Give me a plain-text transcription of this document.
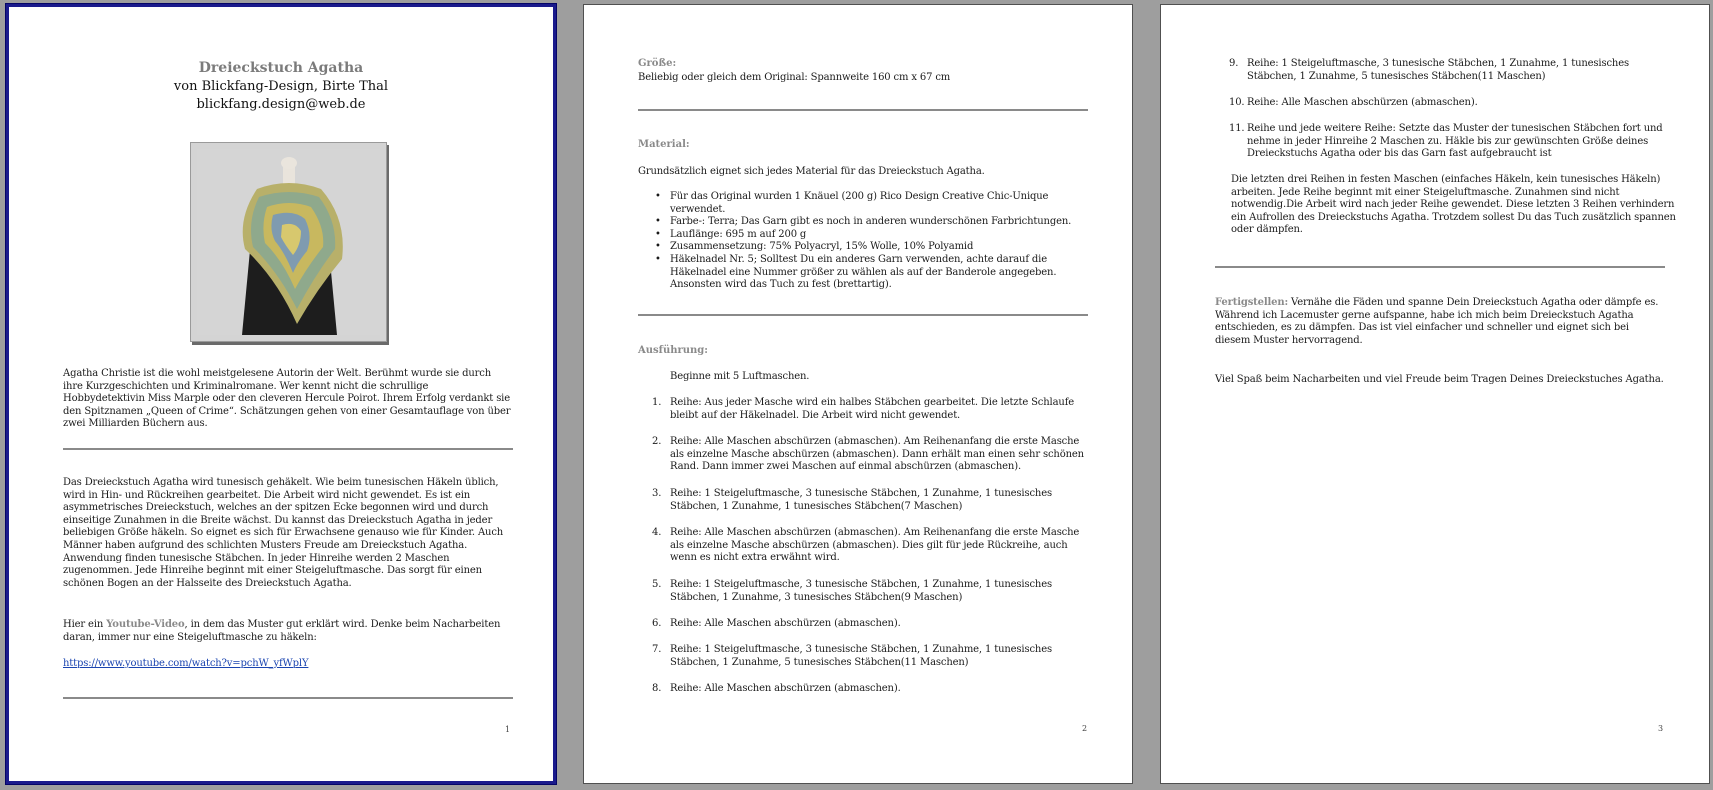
Dreieckstuch Agatha
von Blickfang-Design, Birte Thal
blickfang.design@web.de
Agatha Christie ist die wohl meistgelesene Autorin der Welt. Berühmt wurde sie durch ihre Kurzgeschichten und Kriminalromane. Wer kennt nicht die schrullige Hobbydetektivin Miss Marple oder den cleveren Hercule Poirot. Ihrem Erfolg verdankt sie den Spitznamen „Queen of Crime“. Schätzungen gehen von einer Gesamtauflage von über zwei Milliarden Büchern aus.
Das Dreieckstuch Agatha wird tunesisch gehäkelt. Wie beim tunesischen Häkeln üblich, wird in Hin- und Rückreihen gearbeitet. Die Arbeit wird nicht gewendet. Es ist ein asymmetrisches Dreieckstuch, welches an der spitzen Ecke begonnen wird und durch einseitige Zunahmen in die Breite wächst. Du kannst das Dreieckstuch Agatha in jeder beliebigen Größe häkeln. So eignet es sich für Erwachsene genauso wie für Kinder. Auch Männer haben aufgrund des schlichten Musters Freude am Dreieckstuch Agatha. Anwendung finden tunesische Stäbchen. In jeder Hinreihe werden 2 Maschen zugenommen. Jede Hinreihe beginnt mit einer Steigeluftmasche. Das sorgt für einen schönen Bogen an der Halsseite des Dreieckstuch Agatha.
Hier ein Youtube-Video, in dem das Muster gut erklärt wird. Denke beim Nacharbeiten daran, immer nur eine Steigeluftmasche zu häkeln:
https://www.youtube.com/watch?v=pchW_yfWplY
1
Größe:
Beliebig oder gleich dem Original: Spannweite 160 cm x 67 cm
Material:
Grundsätzlich eignet sich jedes Material für das Dreieckstuch Agatha.
• Für das Original wurden 1 Knäuel (200 g) Rico Design Creative Chic-Unique verwendet.
• Farbe-: Terra; Das Garn gibt es noch in anderen wunderschönen Farbrichtungen.
• Lauflänge: 695 m auf 200 g
• Zusammensetzung: 75% Polyacryl, 15% Wolle, 10% Polyamid
• Häkelnadel Nr. 5; Solltest Du ein anderes Garn verwenden, achte darauf die Häkelnadel eine Nummer größer zu wählen als auf der Banderole angegeben. Ansonsten wird das Tuch zu fest (brettartig).
Ausführung:
Beginne mit 5 Luftmaschen.
1. Reihe: Aus jeder Masche wird ein halbes Stäbchen gearbeitet. Die letzte Schlaufe bleibt auf der Häkelnadel. Die Arbeit wird nicht gewendet.
2. Reihe: Alle Maschen abschürzen (abmaschen). Am Reihenanfang die erste Masche als einzelne Masche abschürzen (abmaschen). Dann erhält man einen sehr schönen Rand. Dann immer zwei Maschen auf einmal abschürzen (abmaschen).
3. Reihe: 1 Steigeluftmasche, 3 tunesische Stäbchen, 1 Zunahme, 1 tunesisches Stäbchen, 1 Zunahme, 1 tunesisches Stäbchen(7 Maschen)
4. Reihe: Alle Maschen abschürzen (abmaschen). Am Reihenanfang die erste Masche als einzelne Masche abschürzen (abmaschen). Dies gilt für jede Rückreihe, auch wenn es nicht extra erwähnt wird.
5. Reihe: 1 Steigeluftmasche, 3 tunesische Stäbchen, 1 Zunahme, 1 tunesisches Stäbchen, 1 Zunahme, 3 tunesisches Stäbchen(9 Maschen)
6. Reihe: Alle Maschen abschürzen (abmaschen).
7. Reihe: 1 Steigeluftmasche, 3 tunesische Stäbchen, 1 Zunahme, 1 tunesisches Stäbchen, 1 Zunahme, 5 tunesisches Stäbchen(11 Maschen)
8. Reihe: Alle Maschen abschürzen (abmaschen).
2
9. Reihe: 1 Steigeluftmasche, 3 tunesische Stäbchen, 1 Zunahme, 1 tunesisches Stäbchen, 1 Zunahme, 5 tunesisches Stäbchen(11 Maschen)
10. Reihe: Alle Maschen abschürzen (abmaschen).
11. Reihe und jede weitere Reihe: Setzte das Muster der tunesischen Stäbchen fort und nehme in jeder Hinreihe 2 Maschen zu. Häkle bis zur gewünschten Größe deines Dreieckstuchs Agatha oder bis das Garn fast aufgebraucht ist
Die letzten drei Reihen in festen Maschen (einfaches Häkeln, kein tunesisches Häkeln) arbeiten. Jede Reihe beginnt mit einer Steigeluftmasche. Zunahmen sind nicht notwendig.Die Arbeit wird nach jeder Reihe gewendet. Diese letzten 3 Reihen verhindern ein Aufrollen des Dreieckstuchs Agatha. Trotzdem sollest Du das Tuch zusätzlich spannen oder dämpfen.
Fertigstellen: Vernähe die Fäden und spanne Dein Dreieckstuch Agatha oder dämpfe es. Während ich Lacemuster gerne aufspanne, habe ich mich beim Dreieckstuch Agatha entschieden, es zu dämpfen. Das ist viel einfacher und schneller und eignet sich bei diesem Muster hervorragend.
Viel Spaß beim Nacharbeiten und viel Freude beim Tragen Deines Dreieckstuches Agatha.
3
